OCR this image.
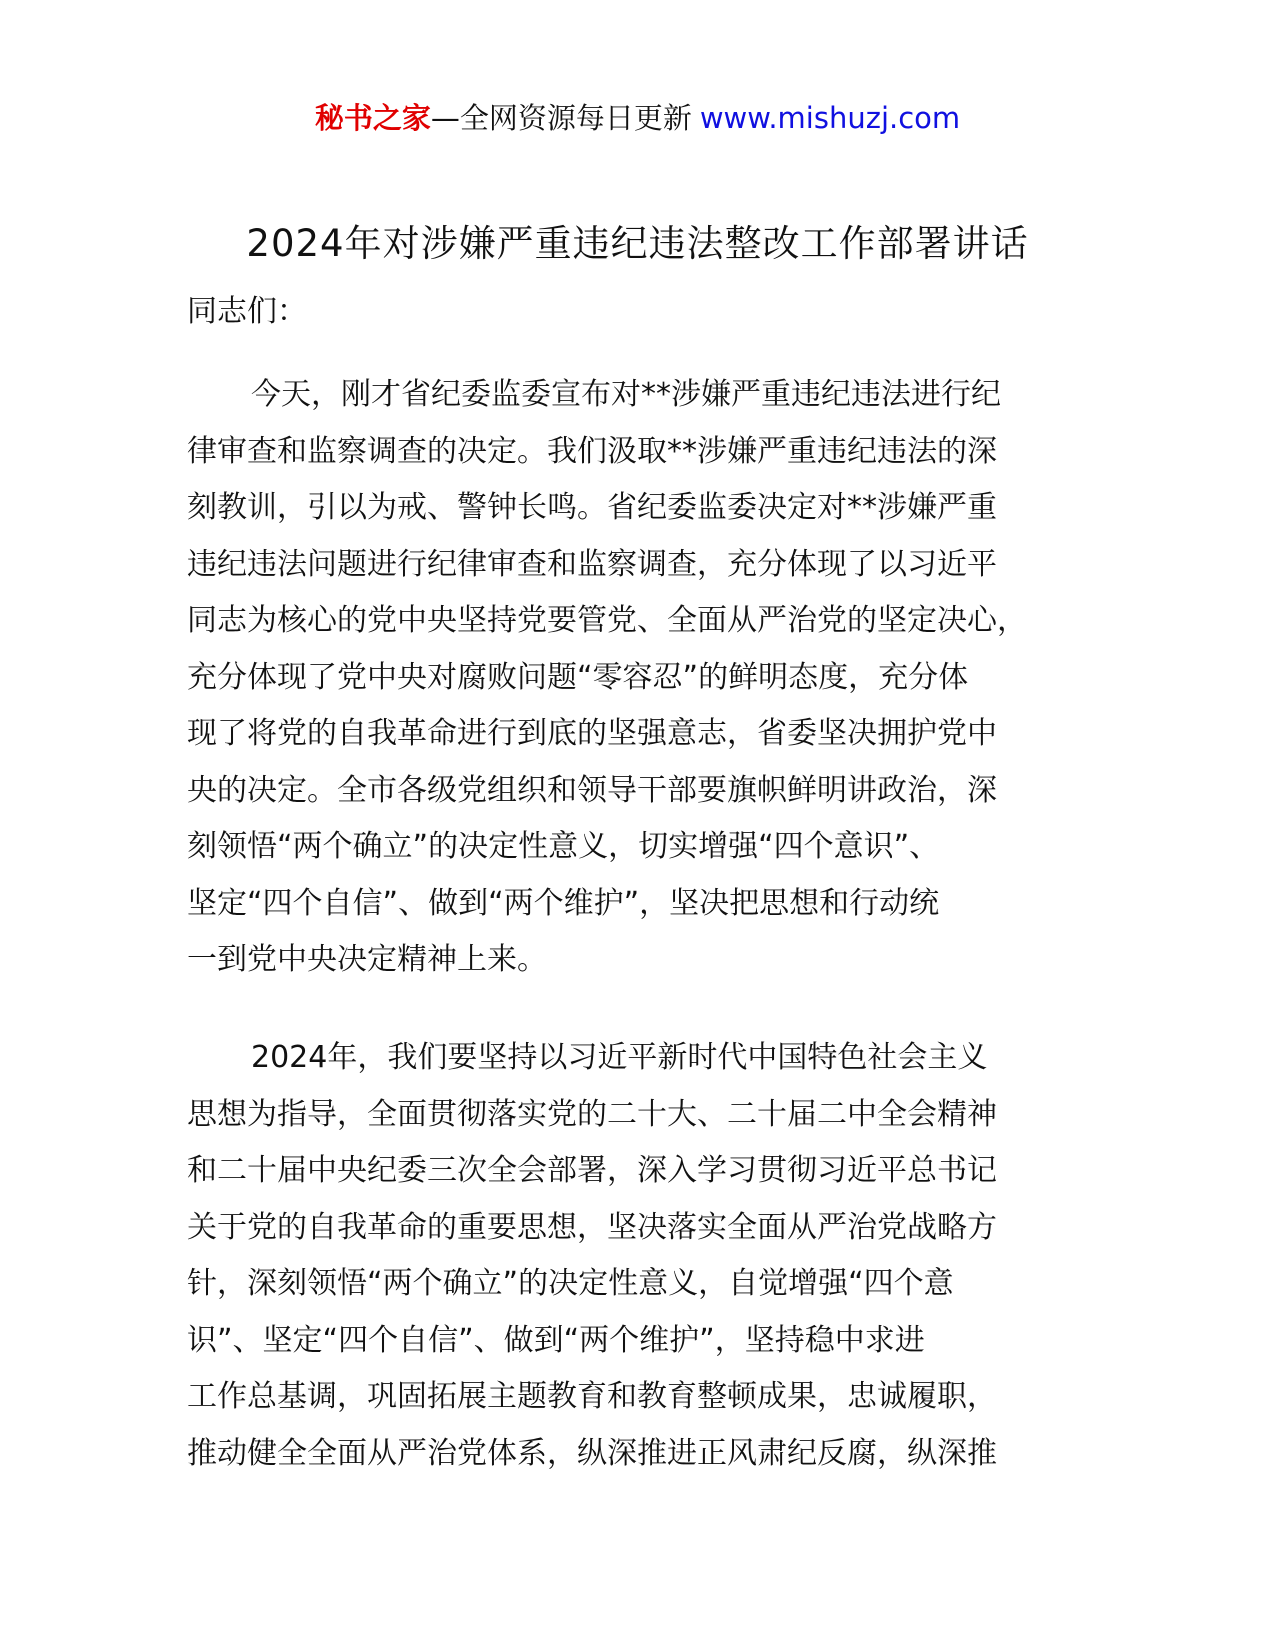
秘书之家—全网资源每日更新 www.mishuzj.com
2024年对涉嫌严重违纪违法整改工作部署讲话
同志们：
今天，刚才省纪委监委宣布对**涉嫌严重违纪违法进行纪
律审查和监察调查的决定。我们汲取**涉嫌严重违纪违法的深
刻教训，引以为戒、警钟长鸣。省纪委监委决定对**涉嫌严重
违纪违法问题进行纪律审查和监察调查，充分体现了以习近平
同志为核心的党中央坚持党要管党、全面从严治党的坚定决心，
充分体现了党中央对腐败问题“零容忍”的鲜明态度，充分体
现了将党的自我革命进行到底的坚强意志，省委坚决拥护党中
央的决定。全市各级党组织和领导干部要旗帜鲜明讲政治，深
刻领悟“两个确立”的决定性意义，切实增强“四个意识”、
坚定“四个自信”、做到“两个维护”，坚决把思想和行动统
一到党中央决定精神上来。
2024年，我们要坚持以习近平新时代中国特色社会主义
思想为指导，全面贯彻落实党的二十大、二十届二中全会精神
和二十届中央纪委三次全会部署，深入学习贯彻习近平总书记
关于党的自我革命的重要思想，坚决落实全面从严治党战略方
针，深刻领悟“两个确立”的决定性意义，自觉增强“四个意
识”、坚定“四个自信”、做到“两个维护”，坚持稳中求进
工作总基调，巩固拓展主题教育和教育整顿成果，忠诚履职，
推动健全全面从严治党体系，纵深推进正风肃纪反腐，纵深推
